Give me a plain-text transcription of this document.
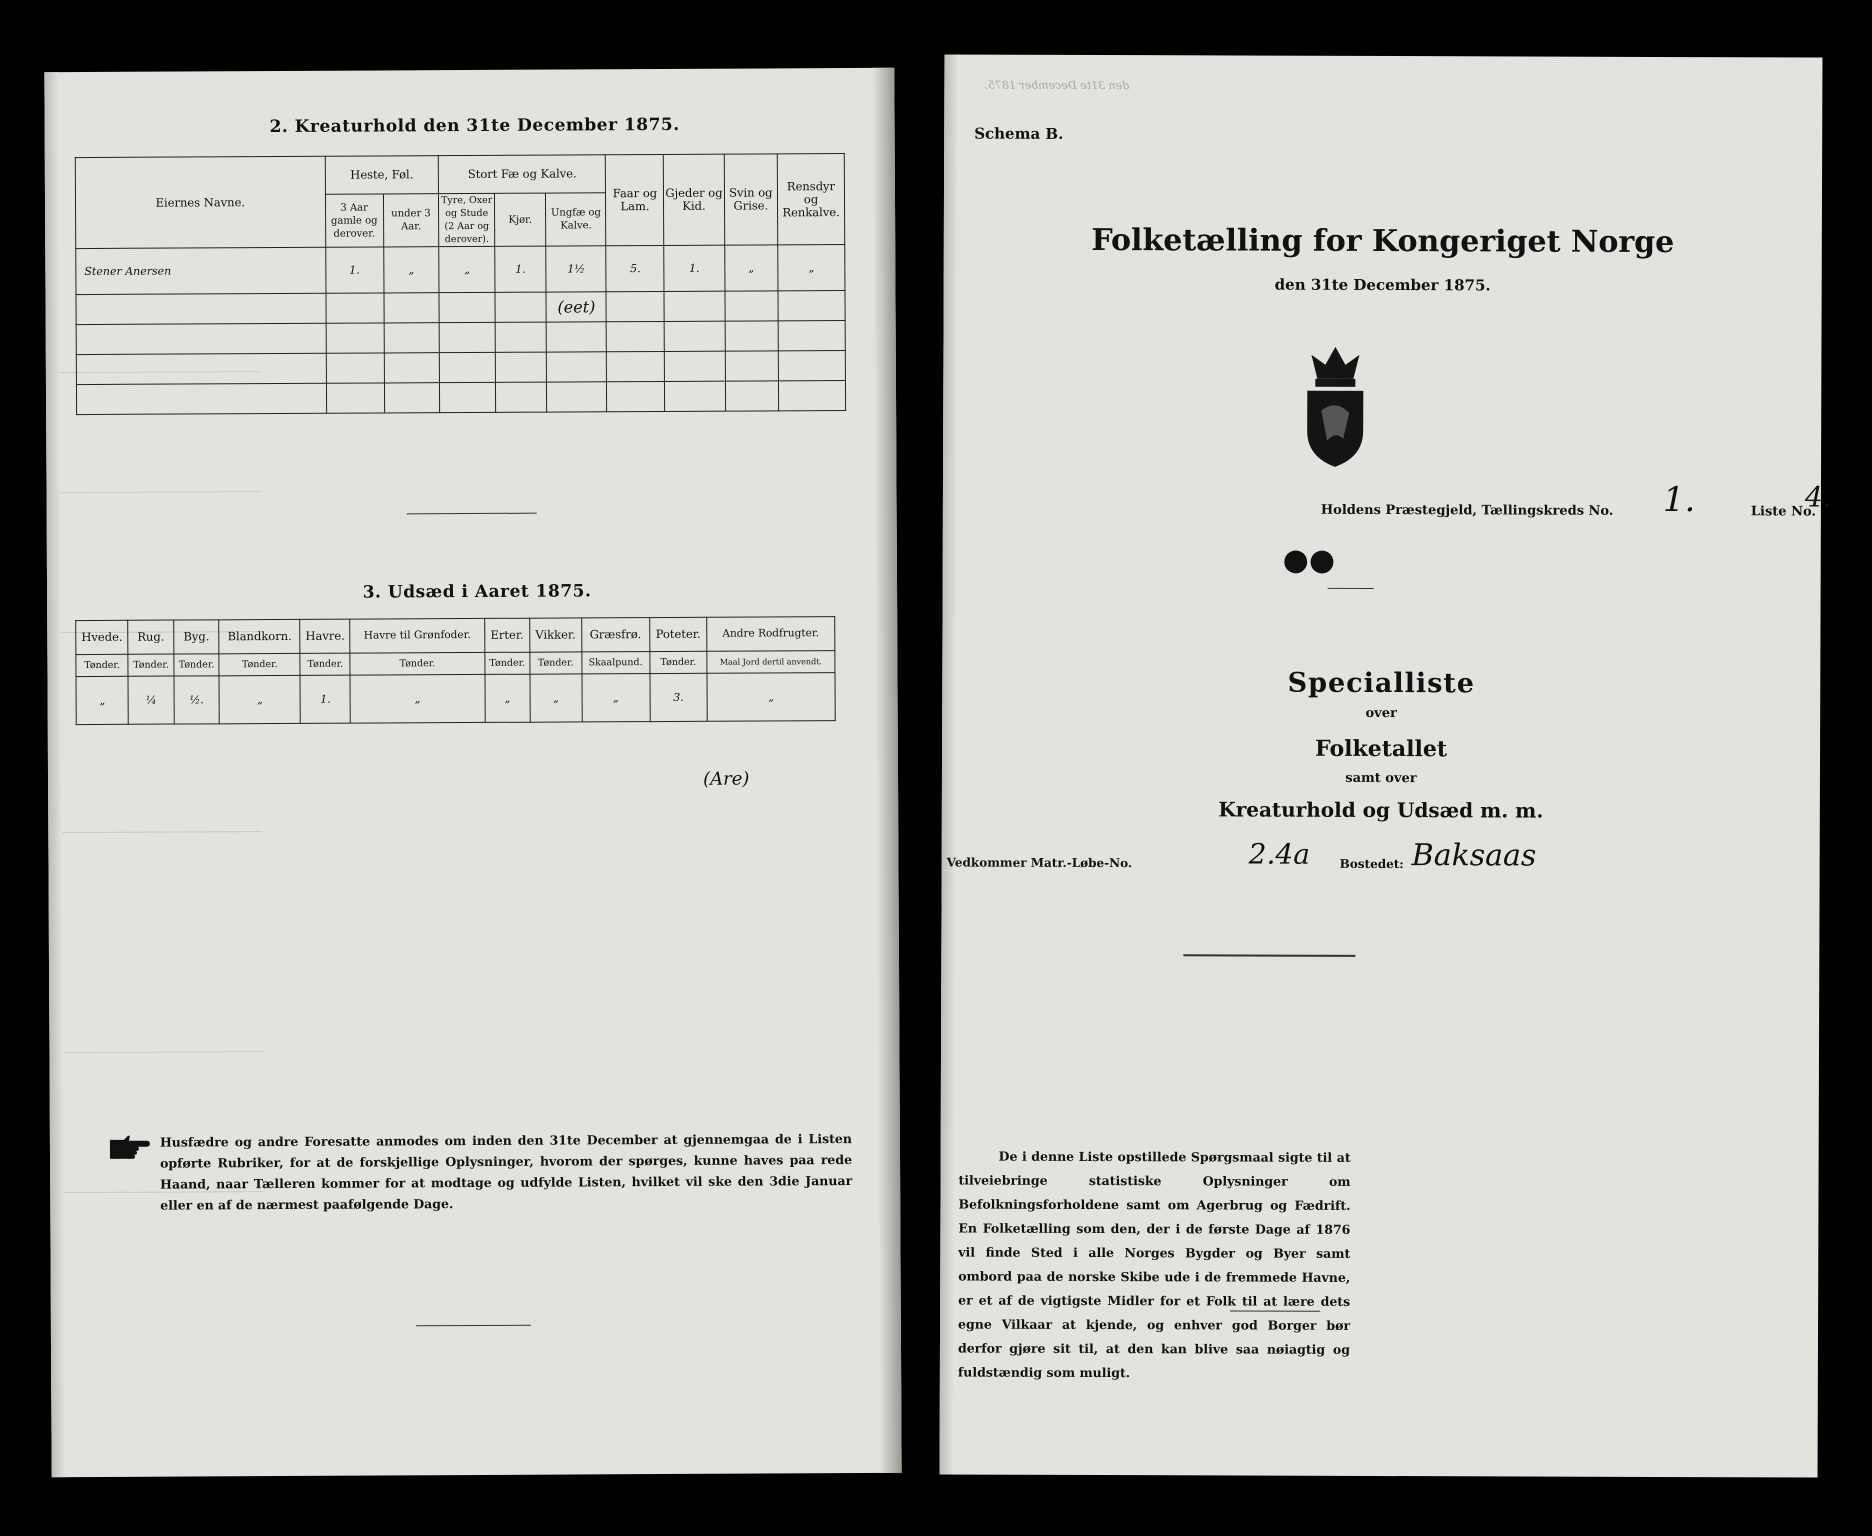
2. Kreaturhold den 31te December 1875.
Eiernes Navne.	Heste, Føl.		Stort Fæ og Kalve.			Faar og Lam.	Gjeder og Kid.	Svin og Grise.	Rensdyr og Renkalve.
	3 Aar gamle og derover.	under 3 Aar.	Tyre, Oxer og Stude (2 Aar og derover).	Kjør.	Ungfæ og Kalve.				
Stener Anersen	1.	„	„	1.	1½	5.	1.	„	„
					(eet)				

3. Udsæd i Aaret 1875.
Hvede.	Rug.	Byg.	Blandkorn.	Havre.	Havre til Grønfoder.	Erter.	Vikker.	Græsfrø.	Poteter.	Andre Rodfrugter.
Tønder.	Tønder.	Tønder.	Tønder.	Tønder.	Tønder.	Tønder.	Tønder.	Skaalpund.	Tønder.	Maal Jord dertil anvendt.
„	¼	½.	„	1.	„	„	„	„	3.	„
(Are)
Husfædre og andre Foresatte anmodes om inden den 31te December at gjennemgaa de i Listen opførte Rubriker, for at de forskjellige Oplysninger, hvorom der spørges, kunne haves paa rede Haand, naar Tælleren kommer for at modtage og udfylde Listen, hvilket vil ske den 3die Januar eller en af de nærmest paafølgende Dage.
den 31te December 1875.
Schema B.
Folketælling for Kongeriget Norge
den 31te December 1875.
●●
Holdens Præstegjeld, Tællingskreds No. 1.	Liste No.
4.
Specialliste
over
Folketallet
samt over
Kreaturhold og Udsæd m. m.
Vedkommer Matr.-Løbe-No.	2.4a Bostedet: Baksaas
De i denne Liste opstillede Spørgsmaal sigte til at tilveiebringe statistiske Oplysninger om Befolkningsforholdene samt om Agerbrug og Fædrift. En Folketælling som den, der i de første Dage af 1876 vil finde Sted i alle Norges Bygder og Byer samt ombord paa de norske Skibe ude i de fremmede Havne, er et af de vigtigste Midler for et Folk til at lære dets egne Vilkaar at kjende, og enhver god Borger bør derfor gjøre sit til, at den kan blive saa nøiagtig og fuldstændig som muligt.
